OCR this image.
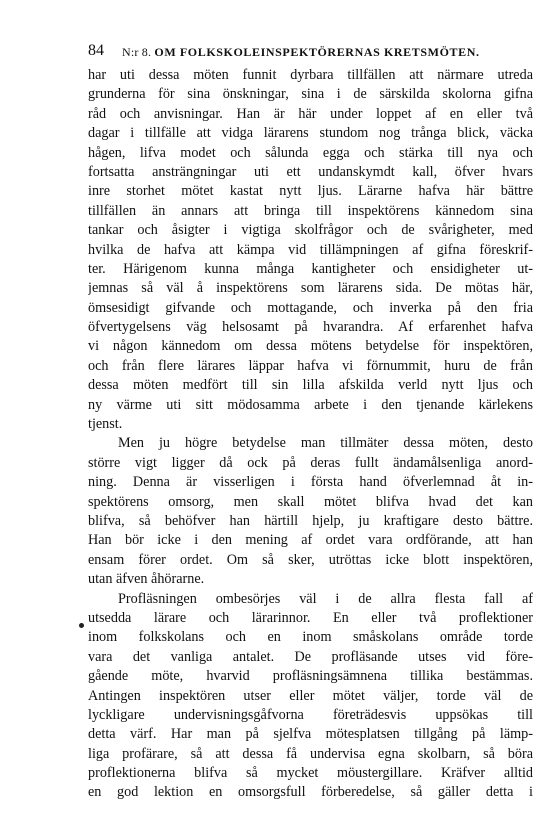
84 N:r 8. OM FOLKSKOLEINSPEKTÖRERNAS KRETSMÖTEN.
har uti dessa möten funnit dyrbara tillfällen att närmare utreda
grunderna för sina önskningar, sina i de särskilda skolorna gifna
råd och anvisningar. Han är här under loppet af en eller två
dagar i tillfälle att vidga lärarens stundom nog trånga blick, väcka
hågen, lifva modet och sålunda egga och stärka till nya och
fortsatta ansträngningar uti ett undanskymdt kall, öfver hvars
inre storhet mötet kastat nytt ljus. Lärarne hafva här bättre
tillfällen än annars att bringa till inspektörens kännedom sina
tankar och åsigter i vigtiga skolfrågor och de svårigheter, med
hvilka de hafva att kämpa vid tillämpningen af gifna föreskrif-
ter. Härigenom kunna många kantigheter och ensidigheter ut-
jemnas så väl å inspektörens som lärarens sida. De mötas här,
ömsesidigt gifvande och mottagande, och inverka på den fria
öfvertygelsens väg helsosamt på hvarandra. Af erfarenhet hafva
vi någon kännedom om dessa mötens betydelse för inspektören,
och från flere lärares läppar hafva vi förnummit, huru de från
dessa möten medfört till sin lilla afskilda verld nytt ljus och
ny värme uti sitt mödosamma arbete i den tjenande kärlekens
tjenst.
Men ju högre betydelse man tillmäter dessa möten, desto
större vigt ligger då ock på deras fullt ändamålsenliga anord-
ning. Denna är visserligen i första hand öfverlemnad åt in-
spektörens omsorg, men skall mötet blifva hvad det kan
blifva, så behöfver han härtill hjelp, ju kraftigare desto bättre.
Han bör icke i den mening af ordet vara ordförande, att han
ensam förer ordet. Om så sker, utröttas icke blott inspektören,
utan äfven åhörarne.
Profläsningen ombesörjes väl i de allra flesta fall af
utsedda lärare och lärarinnor. En eller två proflektioner
inom folkskolans och en inom småskolans område torde
vara det vanliga antalet. De profläsande utses vid före-
gående möte, hvarvid profläsningsämnena tillika bestämmas.
Antingen inspektören utser eller mötet väljer, torde väl de
lyckligare undervisningsgåfvorna företrädesvis uppsökas till
detta värf. Har man på sjelfva mötesplatsen tillgång på lämp-
liga profärare, så att dessa få undervisa egna skolbarn, så böra
proflektionerna blifva så mycket möustergillare. Kräfver alltid
en god lektion en omsorgsfull förberedelse, så gäller detta i
